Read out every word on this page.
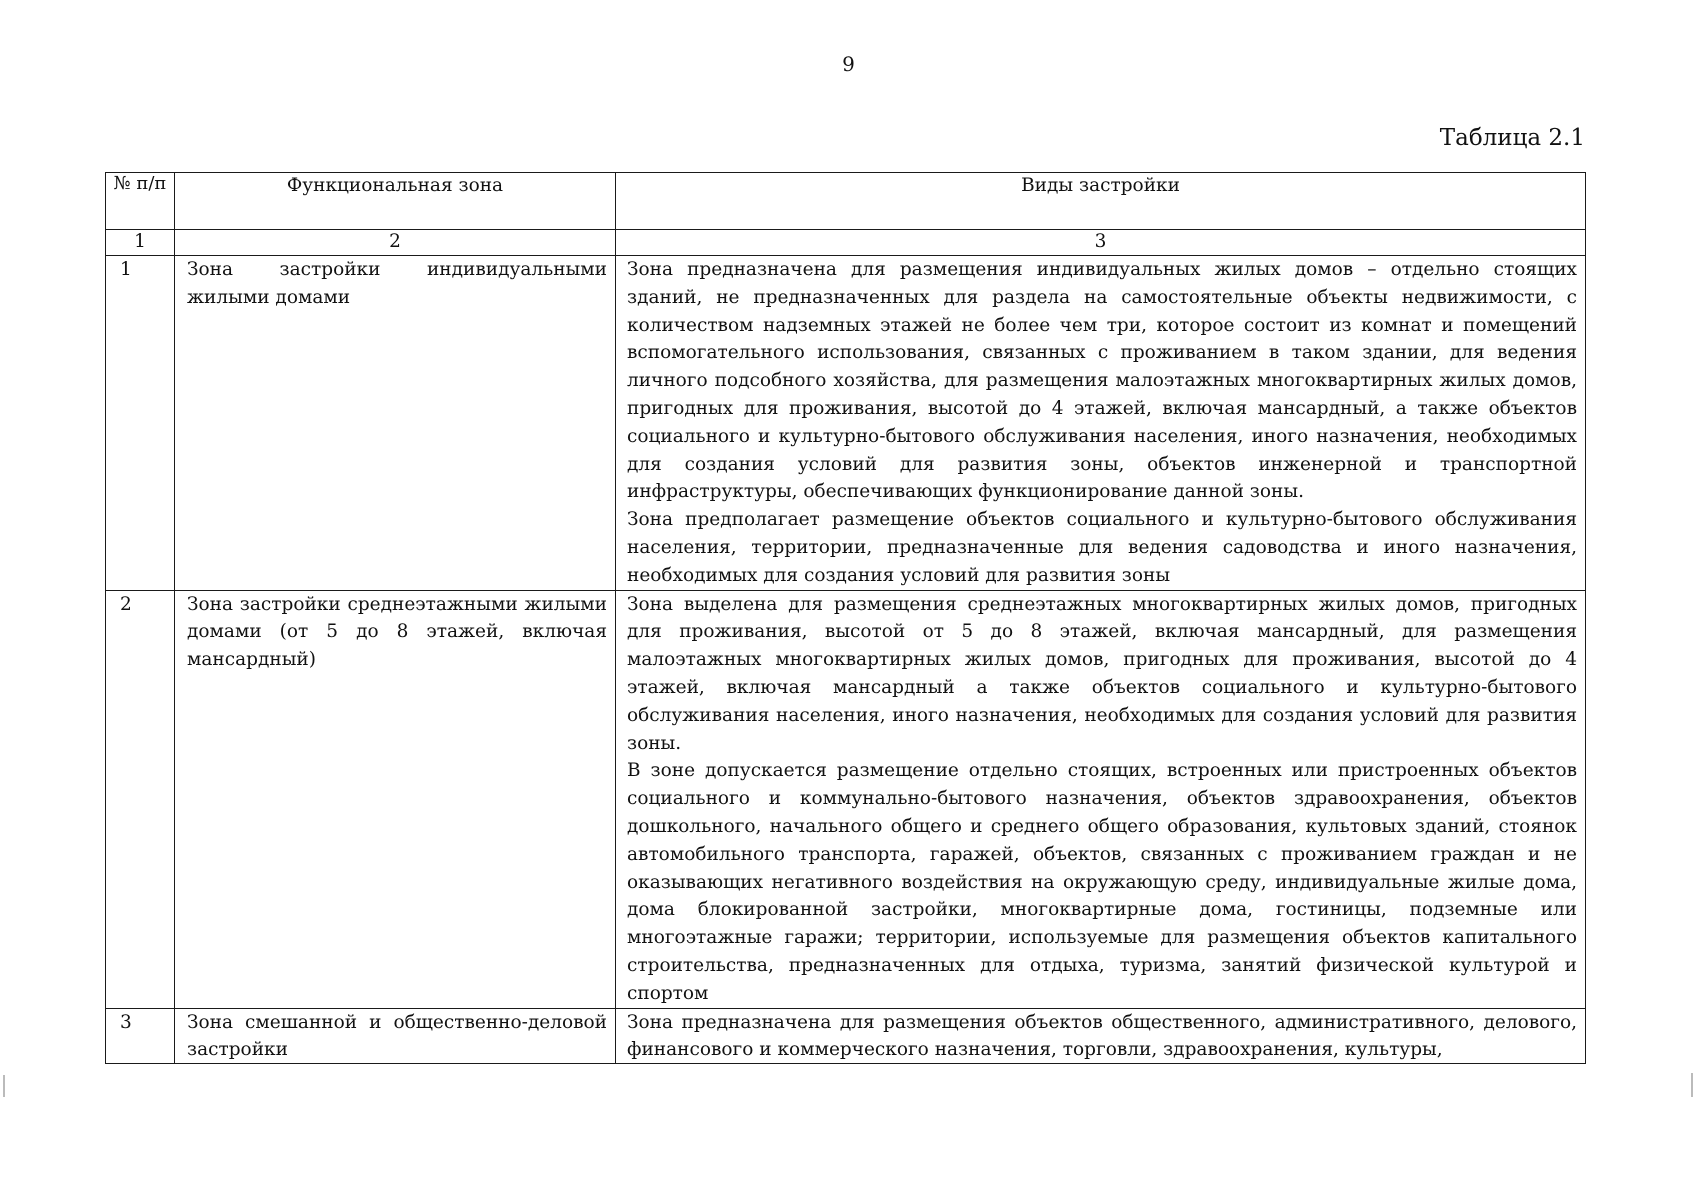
9
Таблица 2.1
№ п/п	Функциональная зона	Виды застройки
1	2	3
1	Зона застройки индивидуальными жилыми домами	Зона предназначена для размещения индивидуальных жилых домов – отдельно стоящих зданий, не предназначенных для раздела на самостоятельные объекты недвижимости, с количеством надземных этажей не более чем три, которое состоит из комнат и помещений вспомогательного использования, связанных с проживанием в таком здании, для ведения личного подсобного хозяйства, для размещения малоэтажных многоквартирных жилых домов, пригодных для проживания, высотой до 4 этажей, включая мансардный, а также объектов социального и культурно-бытового обслуживания населения, иного назначения, необходимых для создания условий для развития зоны, объектов инженерной и транспортной инфраструктуры, обеспечивающих функционирование данной зоны.

Зона предполагает размещение объектов социального и культурно-бытового обслуживания населения, территории, предназначенные для ведения садоводства и иного назначения, необходимых для создания условий для развития зоны

2	Зона застройки среднеэтажными жилыми домами (от 5 до 8 этажей, включая мансардный)	Зона выделена для размещения среднеэтажных многоквартирных жилых домов, пригодных для проживания, высотой от 5 до 8 этажей, включая мансардный, для размещения малоэтажных многоквартирных жилых домов, пригодных для проживания, высотой до 4 этажей, включая мансардный а также объектов социального и культурно-бытового обслуживания населения, иного назначения, необходимых для создания условий для развития зоны.

В зоне допускается размещение отдельно стоящих, встроенных или пристроенных объектов социального и коммунально-бытового назначения, объектов здравоохранения, объектов дошкольного, начального общего и среднего общего образования, культовых зданий, стоянок автомобильного транспорта, гаражей, объектов, связанных с проживанием граждан и не оказывающих негативного воздействия на окружающую среду, индивидуальные жилые дома, дома блокированной застройки, многоквартирные дома, гостиницы, подземные или многоэтажные гаражи; территории, используемые для размещения объектов капитального строительства, предназначенных для отдыха, туризма, занятий физической культурой и спортом

3	Зона смешанной и общественно-деловой застройки	Зона предназначена для размещения объектов общественного, административного, делового, финансового и коммерческого назначения, торговли, здравоохранения, культуры,
